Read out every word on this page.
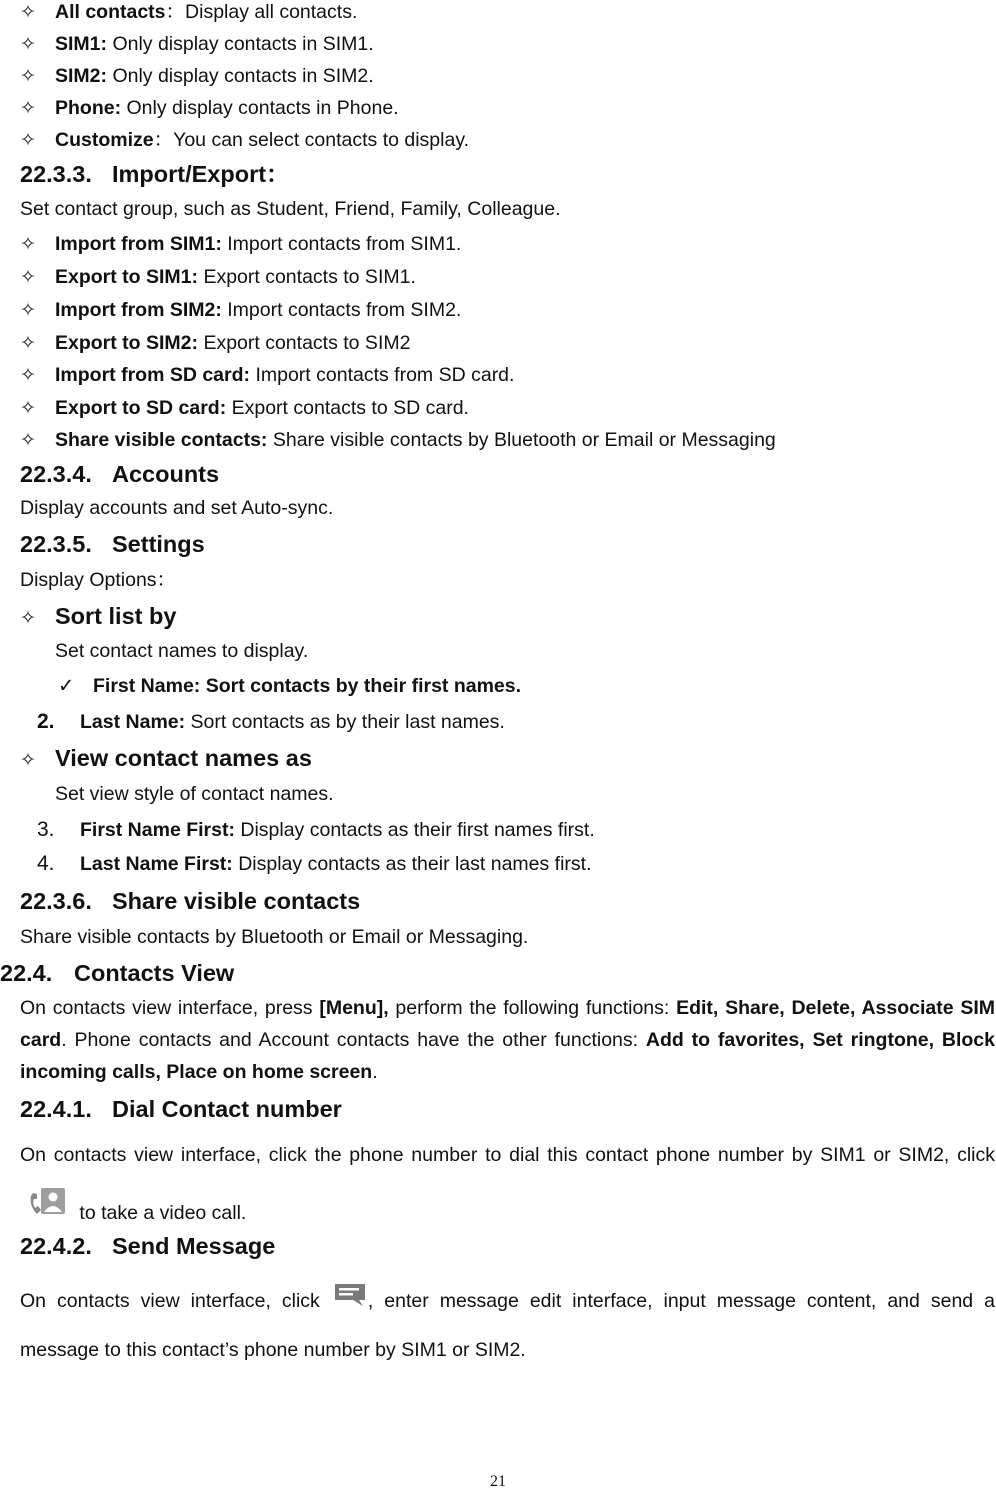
✧ All contacts：Display all contacts.
✧ SIM1: Only display contacts in SIM1.
✧ SIM2: Only display contacts in SIM2.
✧ Phone: Only display contacts in Phone.
✧ Customize：You can select contacts to display.
22.3.3. Import/Export：
Set contact group, such as Student, Friend, Family, Colleague.
✧ Import from SIM1: Import contacts from SIM1.
✧ Export to SIM1: Export contacts to SIM1.
✧ Import from SIM2: Import contacts from SIM2.
✧ Export to SIM2: Export contacts to SIM2
✧ Import from SD card: Import contacts from SD card.
✧ Export to SD card: Export contacts to SD card.
✧ Share visible contacts: Share visible contacts by Bluetooth or Email or Messaging
22.3.4. Accounts
Display accounts and set Auto-sync.
22.3.5. Settings
Display Options：
✧ Sort list by
Set contact names to display.
✓ First Name: Sort contacts by their first names.
2. Last Name: Sort contacts as by their last names.
✧ View contact names as
Set view style of contact names.
3. First Name First: Display contacts as their first names first.
4. Last Name First: Display contacts as their last names first.
22.3.6. Share visible contacts
Share visible contacts by Bluetooth or Email or Messaging.
22.4. Contacts View
On contacts view interface, press [Menu], perform the following functions: Edit, Share, Delete, Associate SIM card. Phone contacts and Account contacts have the other functions: Add to favorites, Set ringtone, Block incoming calls, Place on home screen.
22.4.1. Dial Contact number
On contacts view interface, click the phone number to dial this contact phone number by SIM1 or SIM2, click  to take a video call.
22.4.2. Send Message
On contacts view interface, click , enter message edit interface, input message content, and send a message to this contact’s phone number by SIM1 or SIM2.
21
